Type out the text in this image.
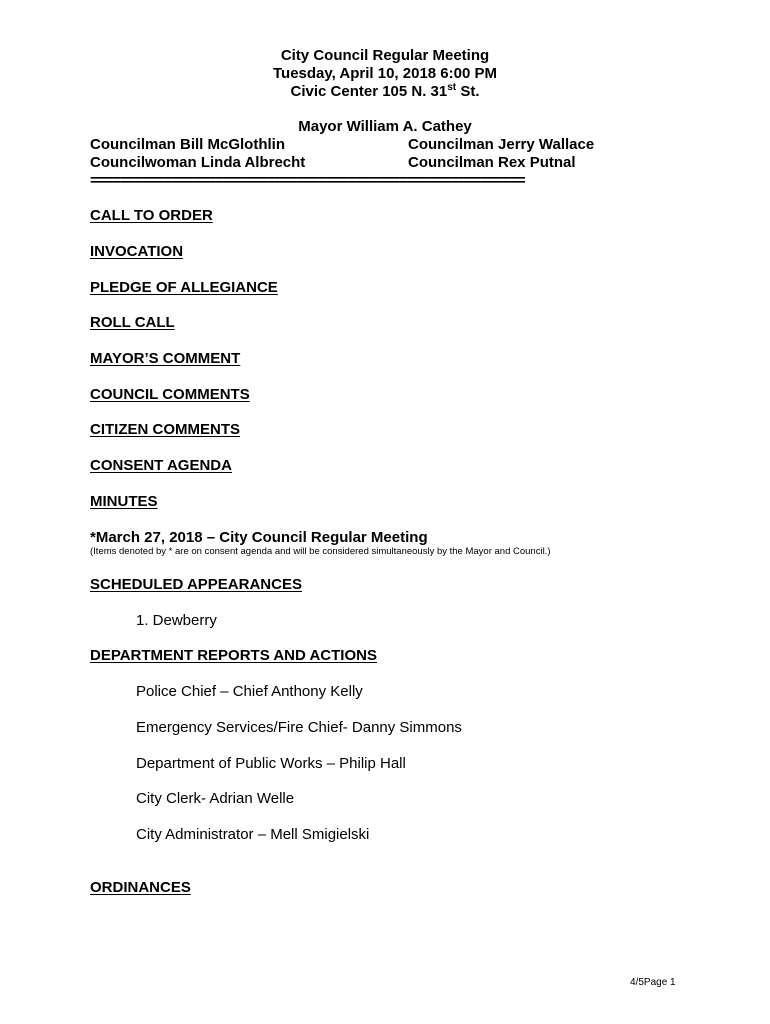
City Council Regular Meeting
Tuesday, April 10, 2018 6:00 PM
Civic Center 105 N. 31st St.
Mayor William A. Cathey
Councilman Bill McGlothlin	Councilman Jerry Wallace
Councilwoman Linda Albrecht	Councilman Rex Putnal
===========================================================
CALL TO ORDER
INVOCATION
PLEDGE OF ALLEGIANCE
ROLL CALL
MAYOR’S COMMENT
COUNCIL COMMENTS
CITIZEN COMMENTS
CONSENT AGENDA
MINUTES
*March 27, 2018 – City Council Regular Meeting
(Items denoted by * are on consent agenda and will be considered simultaneously by the Mayor and Council.)
SCHEDULED APPEARANCES
1. Dewberry
DEPARTMENT REPORTS AND ACTIONS
Police Chief – Chief Anthony Kelly
Emergency Services/Fire Chief- Danny Simmons
Department of Public Works – Philip Hall
City Clerk- Adrian Welle
City Administrator – Mell Smigielski
ORDINANCES
4/5Page 1
